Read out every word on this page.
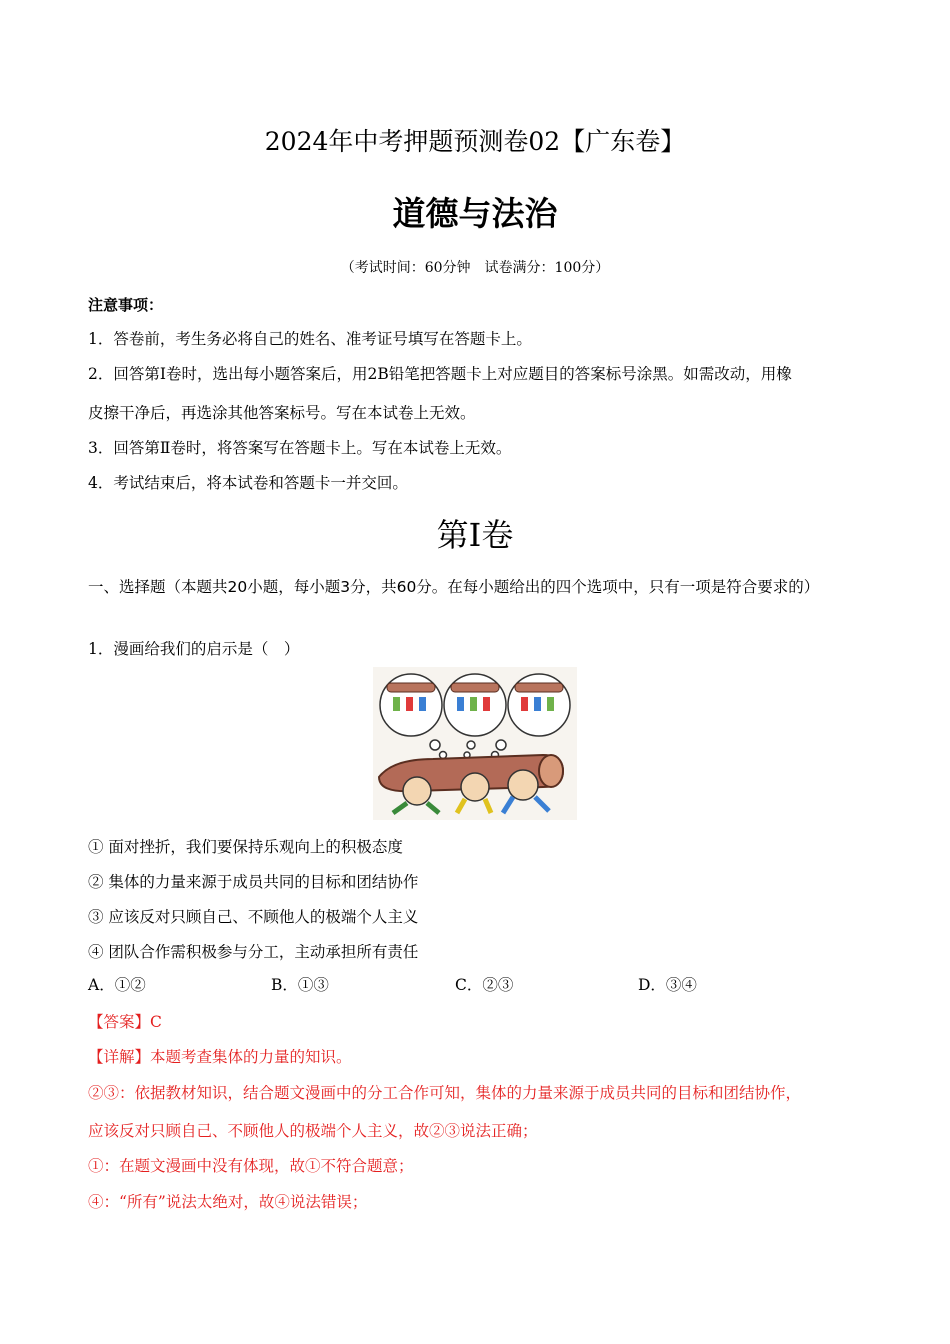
2024年中考押题预测卷02【广东卷】
道德与法治
（考试时间：60分钟　试卷满分：100分）
注意事项：
1．答卷前，考生务必将自己的姓名、准考证号填写在答题卡上。
2．回答第Ⅰ卷时，选出每小题答案后，用2B铅笔把答题卡上对应题目的答案标号涂黑。如需改动，用橡
皮擦干净后，再选涂其他答案标号。写在本试卷上无效。
3．回答第Ⅱ卷时，将答案写在答题卡上。写在本试卷上无效。
4．考试结束后，将本试卷和答题卡一并交回。
第Ⅰ卷
一、选择题（本题共20小题，每小题3分，共60分。在每小题给出的四个选项中，只有一项是符合要求的）
1．漫画给我们的启示是（　）
① 面对挫折，我们要保持乐观向上的积极态度
② 集体的力量来源于成员共同的目标和团结协作
③ 应该反对只顾自己、不顾他人的极端个人主义
④ 团队合作需积极参与分工，主动承担所有责任
A．①②	B．①③	C．②③	D．③④
【答案】C
【详解】本题考查集体的力量的知识。
②③：依据教材知识，结合题文漫画中的分工合作可知，集体的力量来源于成员共同的目标和团结协作，
应该反对只顾自己、不顾他人的极端个人主义，故②③说法正确；
①：在题文漫画中没有体现，故①不符合题意；
④：“所有”说法太绝对，故④说法错误；
